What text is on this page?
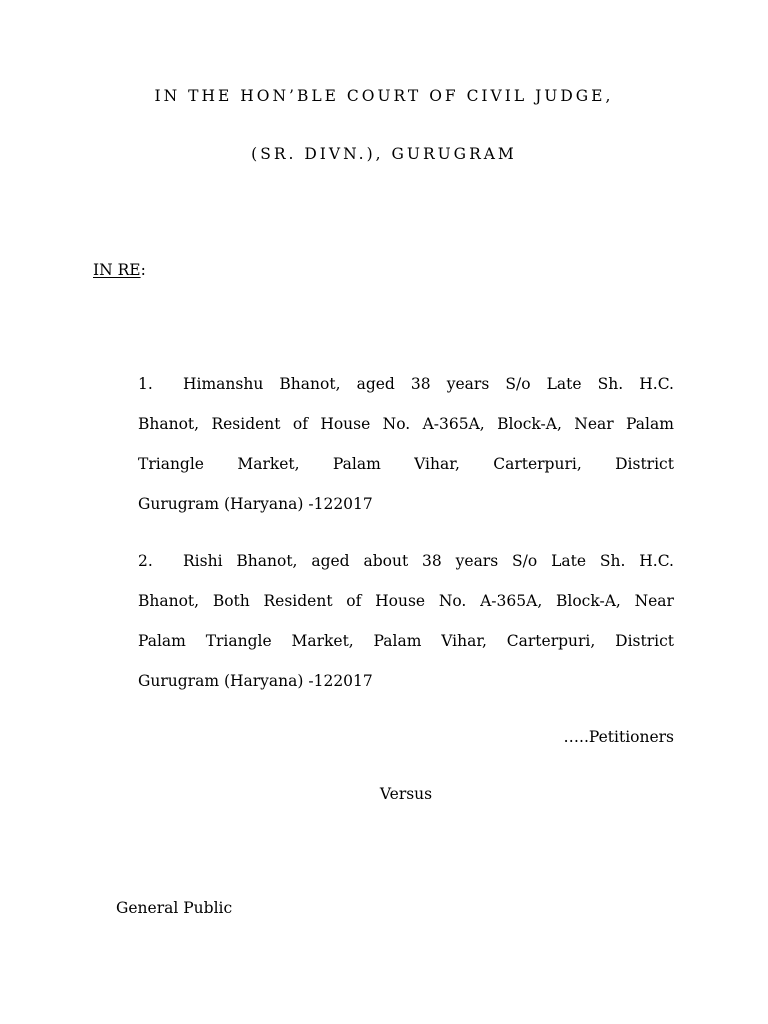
IN THE HON’BLE COURT OF CIVIL JUDGE,
(SR. DIVN.), GURUGRAM
IN RE:
1. Himanshu Bhanot, aged 38 years S/o Late Sh. H.C.
Bhanot, Resident of House No. A-365A, Block-A, Near Palam
Triangle Market, Palam Vihar, Carterpuri, District
Gurugram (Haryana) -122017
2. Rishi Bhanot, aged about 38 years S/o Late Sh. H.C.
Bhanot, Both Resident of House No. A-365A, Block-A, Near
Palam Triangle Market, Palam Vihar, Carterpuri, District
Gurugram (Haryana) -122017
…..Petitioners
Versus
General Public
